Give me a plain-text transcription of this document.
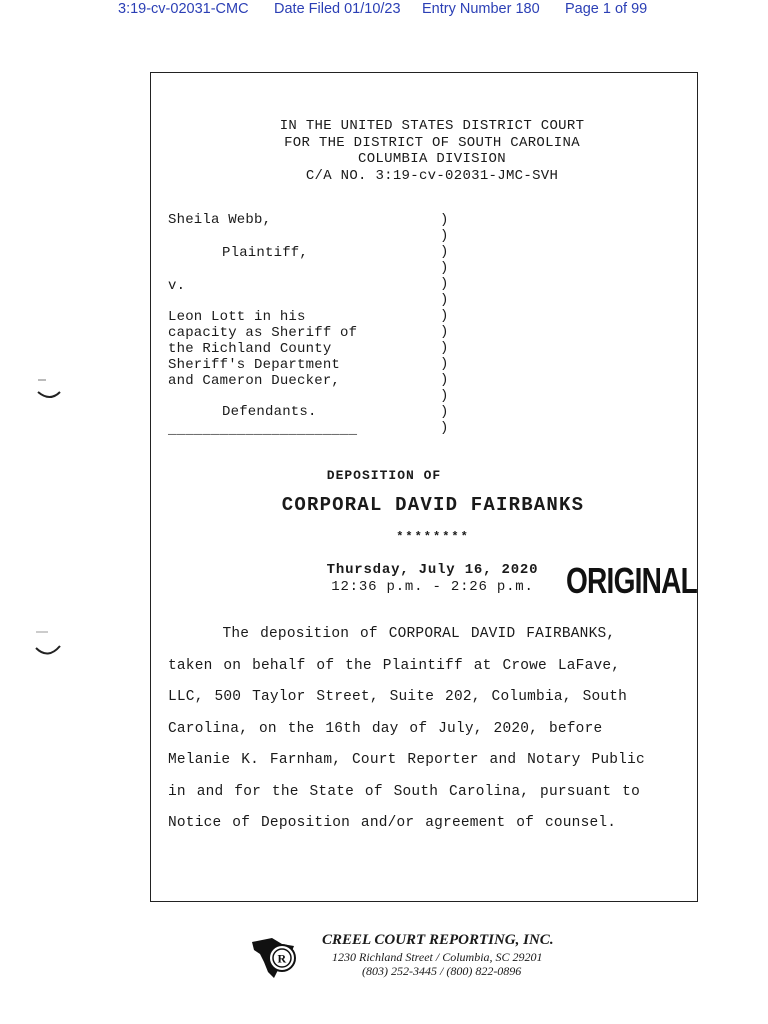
3:19-cv-02031-CMC Date Filed 01/10/23 Entry Number 180 Page 1 of 99
IN THE UNITED STATES DISTRICT COURT
FOR THE DISTRICT OF SOUTH CAROLINA
COLUMBIA DIVISION
C/A NO. 3:19-cv-02031-JMC-SVH
Sheila Webb,
Plaintiff,
v.
Leon Lott in his
capacity as Sheriff of
the Richland County
Sheriff's Department
and Cameron Duecker,
Defendants.
______________________
)
)
)
)
)
)
)
)
)
)
)
)
)
)
DEPOSITION OF
CORPORAL DAVID FAIRBANKS
********
Thursday, July 16, 2020
12:36 p.m. - 2:26 p.m. ORIGINAL
The deposition of CORPORAL DAVID FAIRBANKS,
taken on behalf of the Plaintiff at Crowe LaFave,
LLC, 500 Taylor Street, Suite 202, Columbia, South
Carolina, on the 16th day of July, 2020, before
Melanie K. Farnham, Court Reporter and Notary Public
in and for the State of South Carolina, pursuant to
Notice of Deposition and/or agreement of counsel.
R
CREEL COURT REPORTING, INC.
1230 Richland Street / Columbia, SC 29201
(803) 252-3445 / (800) 822-0896
